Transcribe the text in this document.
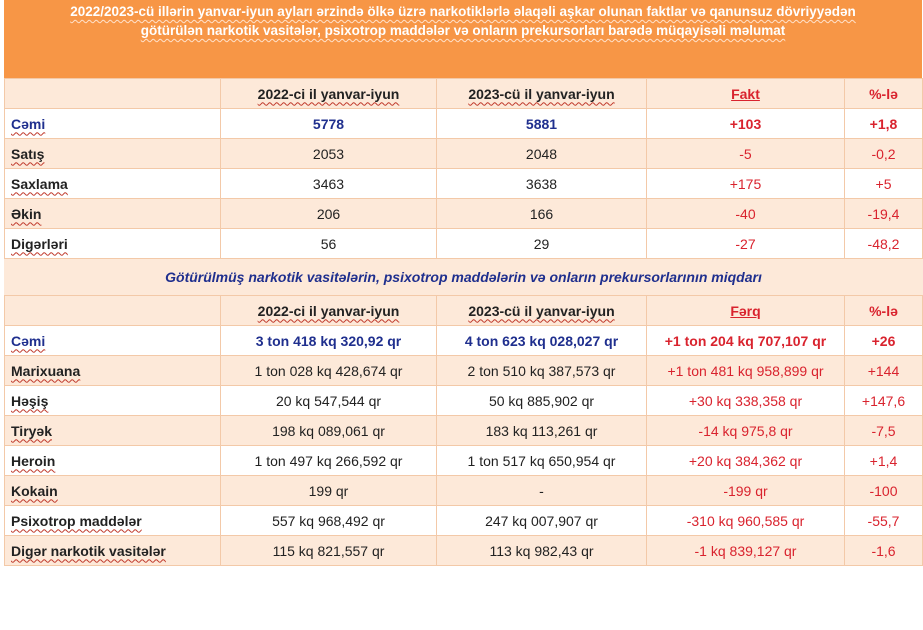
2022/2023-cü illərin yanvar-iyun ayları ərzində ölkə üzrə narkotiklərlə əlaqəli aşkar olunan faktlar və qanunsuz dövriyyədən
götürülən narkotik vasitələr, psixotrop maddələr və onların prekursorları barədə müqayisəli məlumat
	2022-ci il yanvar-iyun	2023-cü il yanvar-iyun	Fakt	%-lə
Cəmi	5778	5881	+103	+1,8
Satış	2053	2048	-5	-0,2
Saxlama	3463	3638	+175	+5
Əkin	206	166	-40	-19,4
Digərləri	56	29	-27	-48,2
Götürülmüş narkotik vasitələrin, psixotrop maddələrin və onların prekursorlarının miqdarı				
	2022-ci il yanvar-iyun	2023-cü il yanvar-iyun	Fərq	%-lə
Cəmi	3 ton 418 kq 320,92 qr	4 ton 623 kq 028,027 qr	+1 ton 204 kq 707,107 qr	+26
Marixuana	1 ton 028 kq 428,674 qr	2 ton 510 kq 387,573 qr	+1 ton 481 kq 958,899 qr	+144
Həşiş	20 kq 547,544 qr	50 kq 885,902 qr	+30 kq 338,358 qr	+147,6
Tiryək	198 kq 089,061 qr	183 kq 113,261 qr	-14 kq 975,8 qr	-7,5
Heroin	1 ton 497 kq 266,592 qr	1 ton 517 kq 650,954 qr	+20 kq 384,362 qr	+1,4
Kokain	199 qr	-	-199 qr	-100
Psixotrop maddələr	557 kq 968,492 qr	247 kq 007,907 qr	-310 kq 960,585 qr	-55,7
Digər narkotik vasitələr	115 kq 821,557 qr	113 kq 982,43 qr	-1 kq 839,127 qr	-1,6
